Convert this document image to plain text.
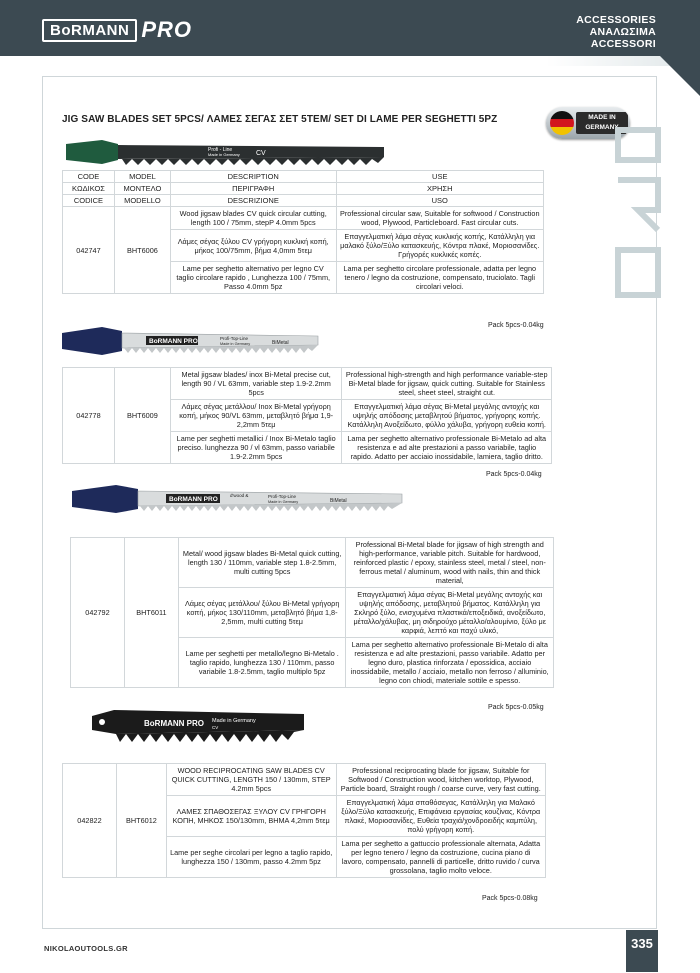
BoRMANN PRO	ACCESSORIES
ΑΝΑΛΩΣΙΜΑ
ACCESSORI
JIG SAW BLADES SET 5PCS/ ΛΑΜΕΣ ΣΕΓΑΣ ΣΕΤ 5ΤΕΜ/ SET DI LAME PER SEGHETTI 5PZ	MADE IN
GERMANY
Profi - Line
Made in Germany CV
CODE	MODEL	DESCRIPTION	USE
ΚΩΔΙΚΟΣ	ΜΟΝΤΕΛΟ	ΠΕΡΙΓΡΑΦΗ	ΧΡΗΣΗ
CODICE	MODELLO	DESCRIZIONE	USO
042747	BHT6006	Wood jigsaw blades CV quick circular cutting, length 100 / 75mm, stepP 4.0mm 5pcs	Professional circular saw, Suitable for softwood / Construction wood, Plywood, Particleboard. Fast circular cuts.
		Λάμες σέγας ξύλου CV γρήγορη κυκλική κοπή, μήκος 100/75mm, βήμα 4,0mm 5τεμ	Επαγγελματική λάμα σέγας κυκλικής κοπής, Κατάλληλη για μαλακό ξύλο/Ξύλο κατασκευής, Κόντρα πλακέ, Μοριοσανίδες. Γρήγορές κυκλικές κοπές.
		Lame per seghetto alternativo per legno CV taglio circolare rapido , Lunghezza 100 / 75mm, Passo 4.0mm 5pz	Lama per seghetto circolare professionale, adatta per legno tenero / legno da costruzione, compensato, truciolato. Tagli circolari veloci.
Pack 5pcs-0.04kg
BoRMANN PRO	Profi-Top-Line
Made in Germany	BiMetal
042778	BHT6009	Metal jigsaw blades/ inox Bi-Metal precise cut, length 90 / VL 63mm, variable step 1.9-2.2mm 5pcs	Professional high-strength and high performance variable-step Bi-Metal blade for jigsaw, quick cutting. Suitable for Stainless steel, sheet steel, straight cut.
		Λάμες σέγας μετάλλου/ Inox Bi-Metal γρήγορη κοπή, μήκος 90/VL 63mm, μεταβλητό βήμα 1,9-2,2mm 5τεμ	Επαγγελματική λάμα σέγας Bi-Metal μεγάλης αντοχής και υψηλής απόδοσης μεταβλητού βήματος, γρήγορης κοπής. Κατάλληλη Ανοξείδωτο, φύλλο χάλυβα, γρήγορη ευθεία κοπή.
		Lame per seghetti metallici / Inox Bi-Metalo taglio preciso. lunghezza 90 / vl 63mm, passo variabile 1.9-2.2mm 5pcs	Lama per seghetto alternativo professionale Bi-Metalo ad alta resistenza e ad alte prestazioni a passo variabile, taglio rapido. Adatto per acciaio inossidabile, lamiera, taglio dritto.
Pack 5pcs-0.04kg
BoRMANN PRO
d'wood &	Profi-Top-Line
Made in Germany	BiMetal
042792	BHT6011	Metal/ wood jigsaw blades Bi-Metal quick cutting, length 130 / 110mm, variable step 1.8-2.5mm, multi cutting 5pcs	Professional Bi-Metal blade for jigsaw of high strength and high-performance, variable pitch. Suitable for hardwood, reinforced plastic / epoxy, stainless steel, metal / steel, non-ferrous metal / aluminum, wood with nails, thin and thick material,
		Λάμες σέγας μετάλλου/ ξύλου Bi-Metal γρήγορη κοπή, μήκος 130/110mm, μεταβλητό βήμα 1,8-2,5mm, multi cutting 5τεμ	Επαγγελματική λάμα σέγας Bi-Metal μεγάλης αντοχής και υψηλής απόδοσης, μεταβλητού βήματος. Κατάλληλη για Σκληρό ξύλο, ενισχυμένα πλαστικά/εποξειδικά, ανοξείδωτο, μέταλλο/χάλυβας, μη σιδηρούχο μέταλλο/αλουμίνιο, ξύλο με καρφιά, λεπτό και παχύ υλικό,
		Lame per seghetti per metallo/legno Bi-Metalo . taglio rapido, lunghezza 130 / 110mm, passo variabile 1.8-2.5mm, taglio multiplo 5pz	Lama per seghetto alternativo professionale Bi-Metalo di alta resistenza e ad alte prestazioni, passo variabile. Adatto per legno duro, plastica rinforzata / epossidica, acciaio inossidabile, metallo / acciaio, metallo non ferroso / alluminio, legno con chiodi, materiale sottile e spesso.
Pack 5pcs-0.05kg
BoRMANN PRO Made in Germany
CV
042822	BHT6012	WOOD RECIPROCATING SAW BLADES CV QUICK CUTTING, LENGTH 150 / 130mm, STEP 4.2mm 5pcs	Professional reciprocating blade for jigsaw, Suitable for Softwood / Construction wood, kitchen worktop, Plywood, Particle board, Straight rough / coarse curve, very fast cutting.
		ΛΑΜΕΣ ΣΠΑΘΟΣΕΓΑΣ ΞΥΛΟΥ CV ΓΡΗΓΟΡΗ ΚΟΠΗ, ΜΗΚΟΣ 150/130mm, ΒΗΜΑ 4,2mm 5τεμ	Επαγγελματική λάμα σπαθόσεγας, Κατάλληλη για Μαλακό ξύλο/Ξύλο κατασκευής, Επιφάνεια εργασίας κουζίνας, Κόντρα πλακέ, Μοριοσανίδες, Ευθεία τραχιά/χονδροειδής καμπύλη, πολύ γρήγορη κοπή.
		Lame per seghe circolari per legno a taglio rapido, lunghezza 150 / 130mm, passo 4.2mm 5pz	Lama per seghetto a gattuccio professionale alternata, Adatta per legno tenero / legno da costruzione, cucina piano di lavoro, compensato, pannelli di particelle, dritto ruvido / curva grossolana, taglio molto veloce.
Pack 5pcs-0.08kg
NIKOLAOUTOOLS.GR	335
